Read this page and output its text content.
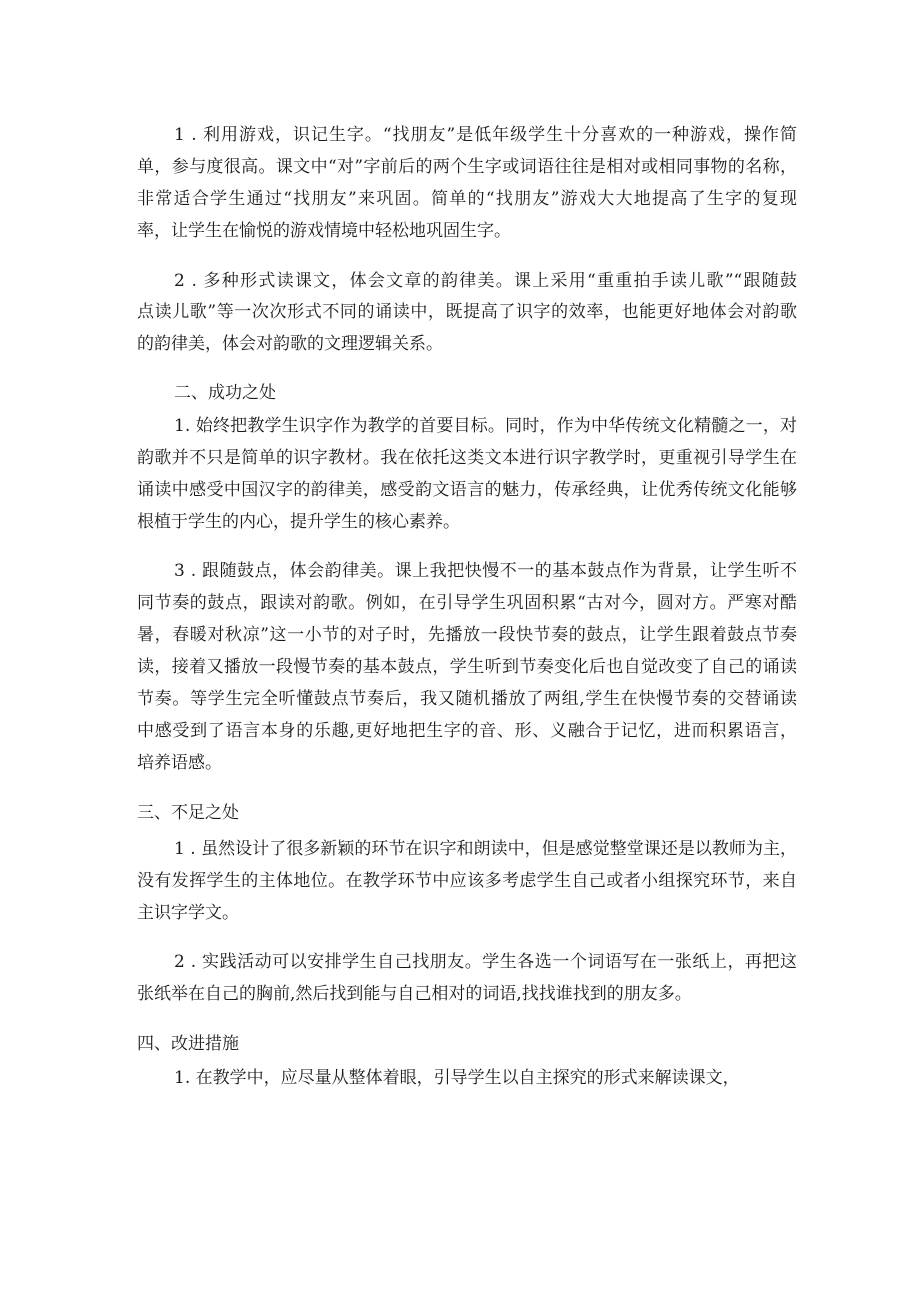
1 . 利用游戏，识记生字。“找朋友”是低年级学生十分喜欢的一种游戏，操作简
单，参与度很高。课文中“对”字前后的两个生字或词语往往是相对或相同事物的名称，
非常适合学生通过“找朋友”来巩固。简单的“找朋友”游戏大大地提高了生字的复现
率，让学生在愉悦的游戏情境中轻松地巩固生字。
2 . 多种形式读课文，体会文章的韵律美。课上采用“重重拍手读儿歌”“跟随鼓
点读儿歌”等一次次形式不同的诵读中，既提高了识字的效率，也能更好地体会对韵歌
的韵律美，体会对韵歌的文理逻辑关系。
二、成功之处
1. 始终把教学生识字作为教学的首要目标。同时，作为中华传统文化精髓之一，对
韵歌并不只是简单的识字教材。我在依托这类文本进行识字教学时，更重视引导学生在
诵读中感受中国汉字的韵律美，感受韵文语言的魅力，传承经典，让优秀传统文化能够
根植于学生的内心，提升学生的核心素养。
3 . 跟随鼓点，体会韵律美。课上我把快慢不一的基本鼓点作为背景，让学生听不
同节奏的鼓点，跟读对韵歌。例如，在引导学生巩固积累“古对今，圆对方。严寒对酷
暑，春暖对秋凉”这一小节的对子时，先播放一段快节奏的鼓点，让学生跟着鼓点节奏
读，接着又播放一段慢节奏的基本鼓点，学生听到节奏变化后也自觉改变了自己的诵读
节奏。等学生完全听懂鼓点节奏后，我又随机播放了两组,学生在快慢节奏的交替诵读
中感受到了语言本身的乐趣,更好地把生字的音、形、义融合于记忆，进而积累语言，
培养语感。
三、不足之处
1 . 虽然设计了很多新颖的环节在识字和朗读中，但是感觉整堂课还是以教师为主，
没有发挥学生的主体地位。在教学环节中应该多考虑学生自己或者小组探究环节，来自
主识字学文。
2 . 实践活动可以安排学生自己找朋友。学生各选一个词语写在一张纸上，再把这
张纸举在自己的胸前,然后找到能与自己相对的词语,找找谁找到的朋友多。
四、改进措施
1. 在教学中，应尽量从整体着眼，引导学生以自主探究的形式来解读课文，
